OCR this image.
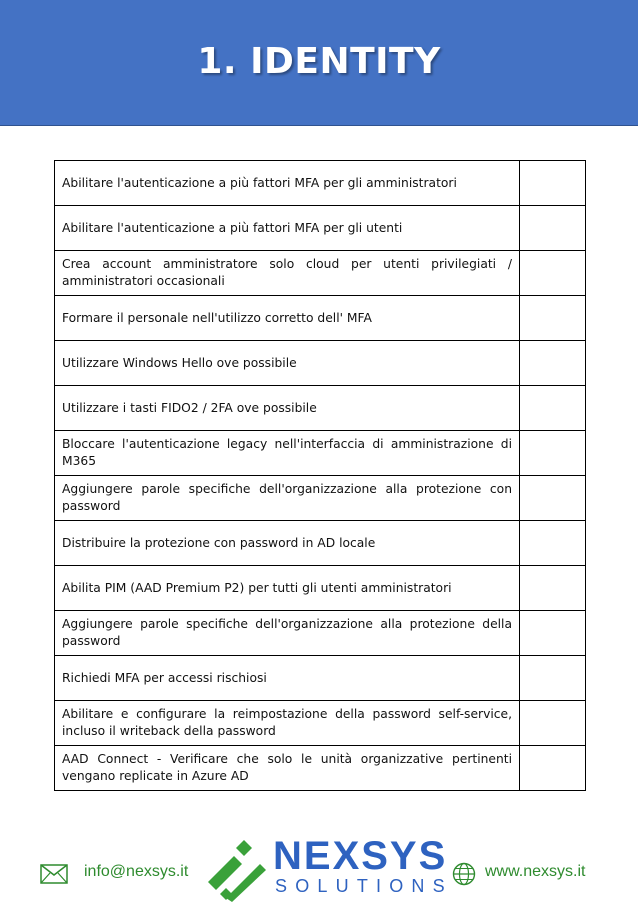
1. IDENTITY
Abilitare l'autenticazione a più fattori MFA per gli amministratori	
Abilitare l'autenticazione a più fattori MFA per gli utenti	
Crea account amministratore solo cloud per utenti privilegiati / amministratori occasionali	
Formare il personale nell'utilizzo corretto dell' MFA	
Utilizzare Windows Hello ove possibile	
Utilizzare i tasti FIDO2 / 2FA ove possibile	
Bloccare l'autenticazione legacy nell'interfaccia di amministrazione di M365	
Aggiungere parole specifiche dell'organizzazione alla protezione con password	
Distribuire la protezione con password in AD locale	
Abilita PIM (AAD Premium P2) per tutti gli utenti amministratori	
Aggiungere parole specifiche dell'organizzazione alla protezione della password	
Richiedi MFA per accessi rischiosi	
Abilitare e configurare la reimpostazione della password self-service, incluso il writeback della password	
AAD Connect - Verificare che solo le unità organizzative pertinenti vengano replicate in Azure AD	
info@nexsys.it NEXSYS
SOLUTIONS
www.nexsys.it
